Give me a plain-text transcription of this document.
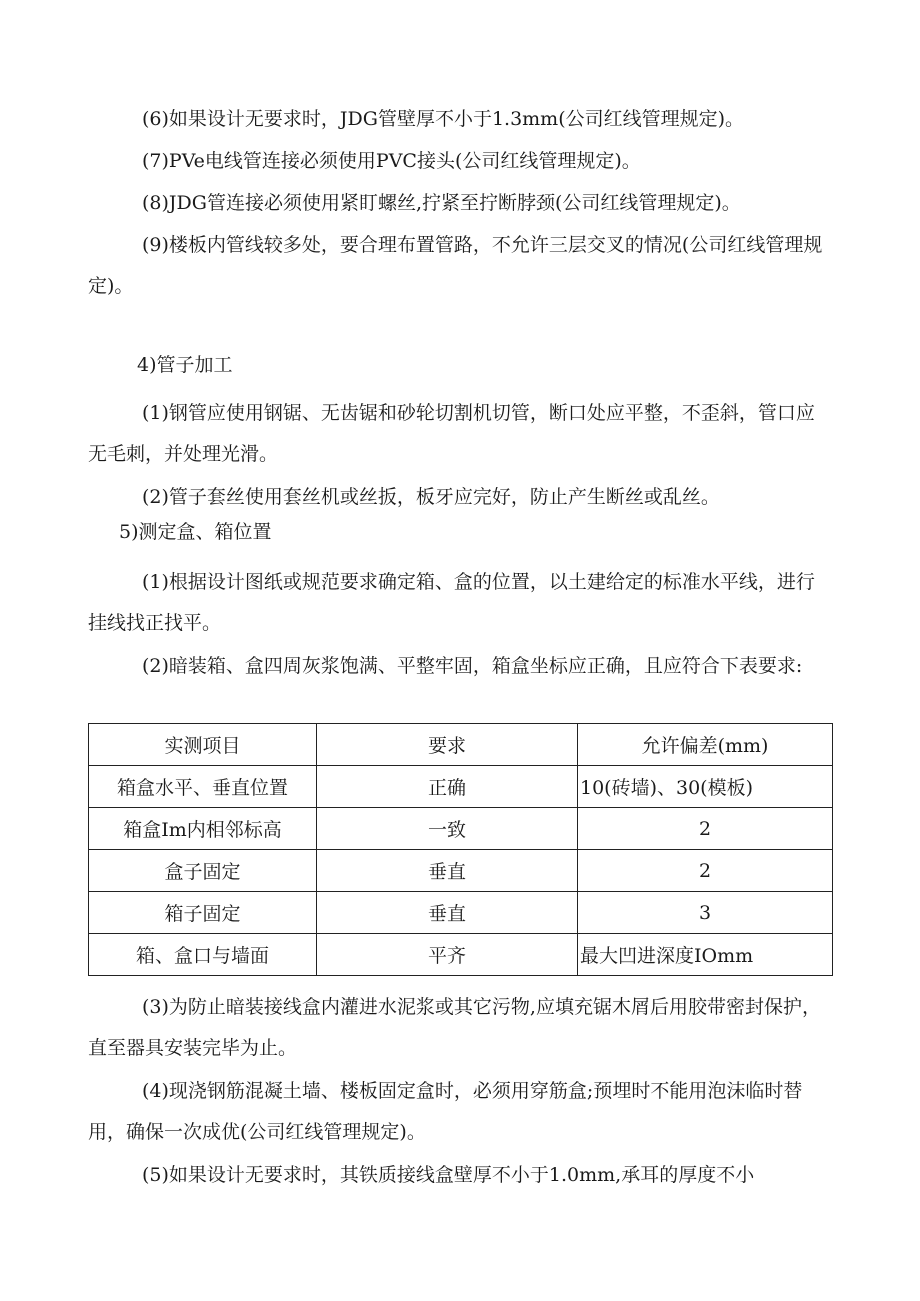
(6)如果设计无要求时，JDG管壁厚不小于1.3mm(公司红线管理规定)。
(7)PVe电线管连接必须使用PVC接头(公司红线管理规定)。
(8)JDG管连接必须使用紧盯螺丝,拧紧至拧断脖颈(公司红线管理规定)。
(9)楼板内管线较多处，要合理布置管路，不允许三层交叉的情况(公司红线管理规定)。
4)管子加工
(1)钢管应使用钢锯、无齿锯和砂轮切割机切管，断口处应平整，不歪斜，管口应无毛刺，并处理光滑。
(2)管子套丝使用套丝机或丝扳，板牙应完好，防止产生断丝或乱丝。
5)测定盒、箱位置
(1)根据设计图纸或规范要求确定箱、盒的位置，以土建给定的标准水平线，进行挂线找正找平。
(2)暗装箱、盒四周灰浆饱满、平整牢固，箱盒坐标应正确，且应符合下表要求:
实测项目	要求	允许偏差(mm)
箱盒水平、垂直位置	正确	10(砖墙)、30(模板)
箱盒Im内相邻标高	一致	2
盒子固定	垂直	2
箱子固定	垂直	3
箱、盒口与墙面	平齐	最大凹进深度IOmm
(3)为防止暗装接线盒内灌进水泥浆或其它污物,应填充锯木屑后用胶带密封保护，直至器具安装完毕为止。
(4)现浇钢筋混凝土墙、楼板固定盒时，必须用穿筋盒;预埋时不能用泡沫临时替用，确保一次成优(公司红线管理规定)。
(5)如果设计无要求时，其铁质接线盒壁厚不小于1.0mm,承耳的厚度不小
